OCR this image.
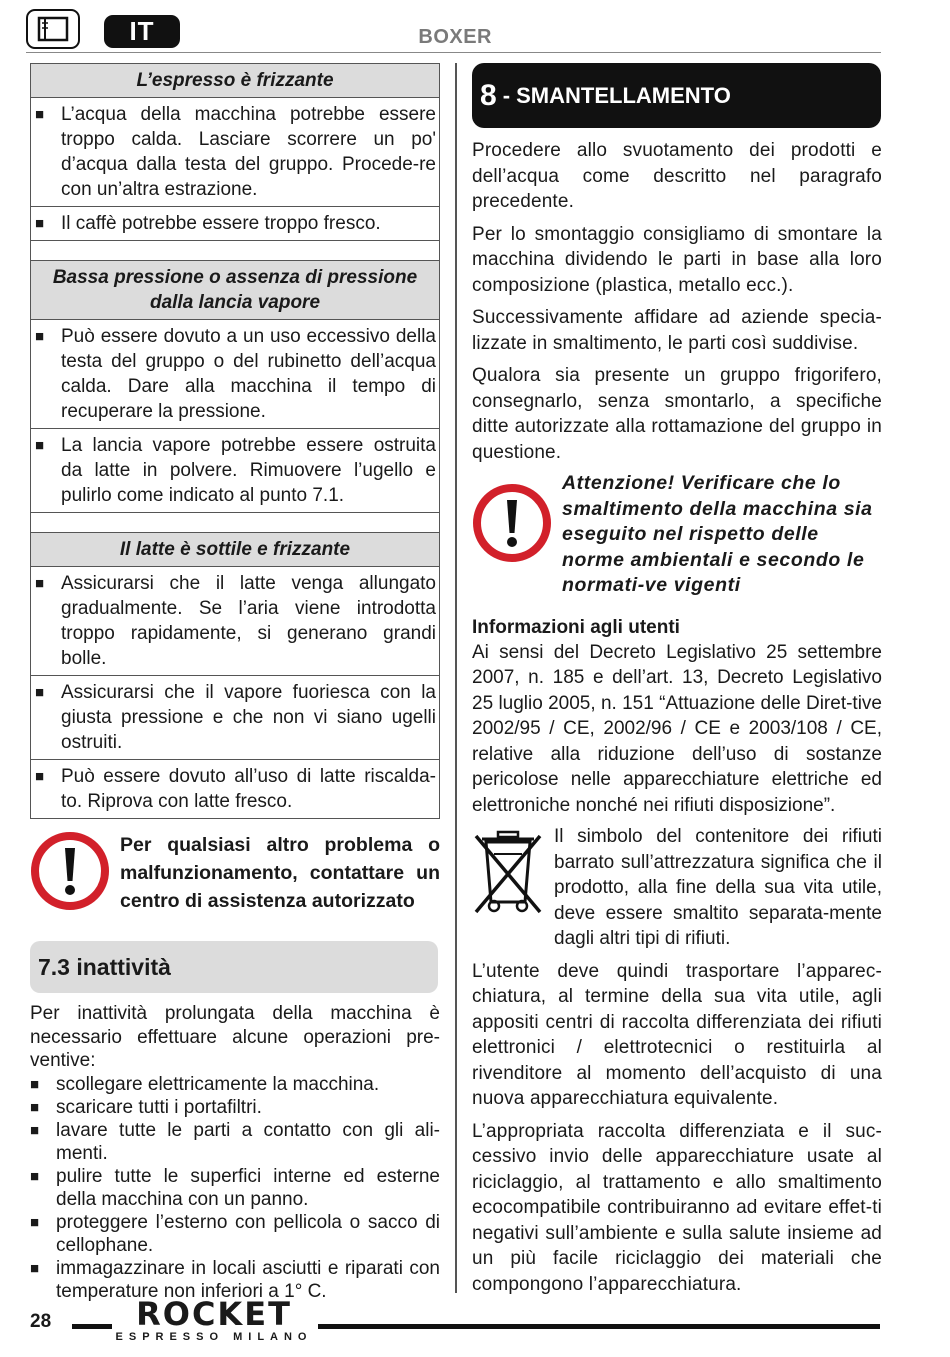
IT	BOXER
L’espresso è frizzante
■ L’acqua della macchina potrebbe essere troppo calda. Lasciare scorrere un po' d’acqua dalla testa del gruppo. Procede-re con un’altra estrazione.
■ Il caffè potrebbe essere troppo fresco.
Bassa pressione o assenza di pressione dalla lancia vapore
■ Può essere dovuto a un uso eccessivo della testa del gruppo o del rubinetto dell’acqua calda. Dare alla macchina il tempo di recuperare la pressione.
■ La lancia vapore potrebbe essere ostruita da latte in polvere. Rimuovere l’ugello e pulirlo come indicato al punto 7.1.
Il latte è sottile e frizzante
■ Assicurarsi che il latte venga allungato gradualmente. Se l’aria viene introdotta troppo rapidamente, si generano grandi bolle.
■ Assicurarsi che il vapore fuoriesca con la giusta pressione e che non vi siano ugelli ostruiti.
■ Può essere dovuto all’uso di latte riscalda-to. Riprova con latte fresco.
Per qualsiasi altro problema o malfunzionamento, contattare un centro di assistenza autorizzato
7.3 inattività

Per inattività prolungata della macchina è necessario effettuare alcune operazioni pre-ventive:

■ scollegare elettricamente la macchina.
■ scaricare tutti i portafiltri.
■ lavare tutte le parti a contatto con gli ali-menti.
■ pulire tutte le superfici interne ed esterne della macchina con un panno.
■ proteggere l’esterno con pellicola o sacco di cellophane.
■ immagazzinare in locali asciutti e riparati con temperature non inferiori a 1° C.
8 - SMANTELLAMENTO

Procedere allo svuotamento dei prodotti e dell’acqua come descritto nel paragrafo precedente.

Per lo smontaggio consigliamo di smontare la macchina dividendo le parti in base alla loro composizione (plastica, metallo ecc.).

Successivamente affidare ad aziende specia-lizzate in smaltimento, le parti così suddivise.

Qualora sia presente un gruppo frigorifero, consegnarlo, senza smontarlo, a specifiche ditte autorizzate alla rottamazione del gruppo in questione.

Attenzione! Verificare che lo smaltimento della macchina sia eseguito nel rispetto delle norme ambientali e secondo le normati-ve vigenti
Informazioni agli utenti

Ai sensi del Decreto Legislativo 25 settembre 2007, n. 185 e dell’art. 13, Decreto Legislativo 25 luglio 2005, n. 151 “Attuazione delle Diret-tive 2002/95 / CE, 2002/96 / CE e 2003/108 / CE, relative alla riduzione dell’uso di sostanze pericolose nelle apparecchiature elettriche ed elettroniche nonché nei rifiuti disposizione”.

Il simbolo del contenitore dei rifiuti barrato sull’attrezzatura significa che il prodotto, alla fine della sua vita utile, deve essere smaltito separata-mente dagli altri tipi di rifiuti.

L’utente deve quindi trasportare l’apparec-chiatura, al termine della sua vita utile, agli appositi centri di raccolta differenziata dei rifiuti elettronici / elettrotecnici o restituirla al rivenditore al momento dell’acquisto di una nuova apparecchiatura equivalente.

L’appropriata raccolta differenziata e il suc-cessivo invio delle apparecchiature usate al riciclaggio, al trattamento e allo smaltimento ecocompatibile contribuiranno ad evitare effet-ti negativi sull’ambiente e sulla salute insieme ad un più facile riciclaggio dei materiali che compongono l’apparecchiatura.

28	ROCKET
ESPRESSO MILANO
